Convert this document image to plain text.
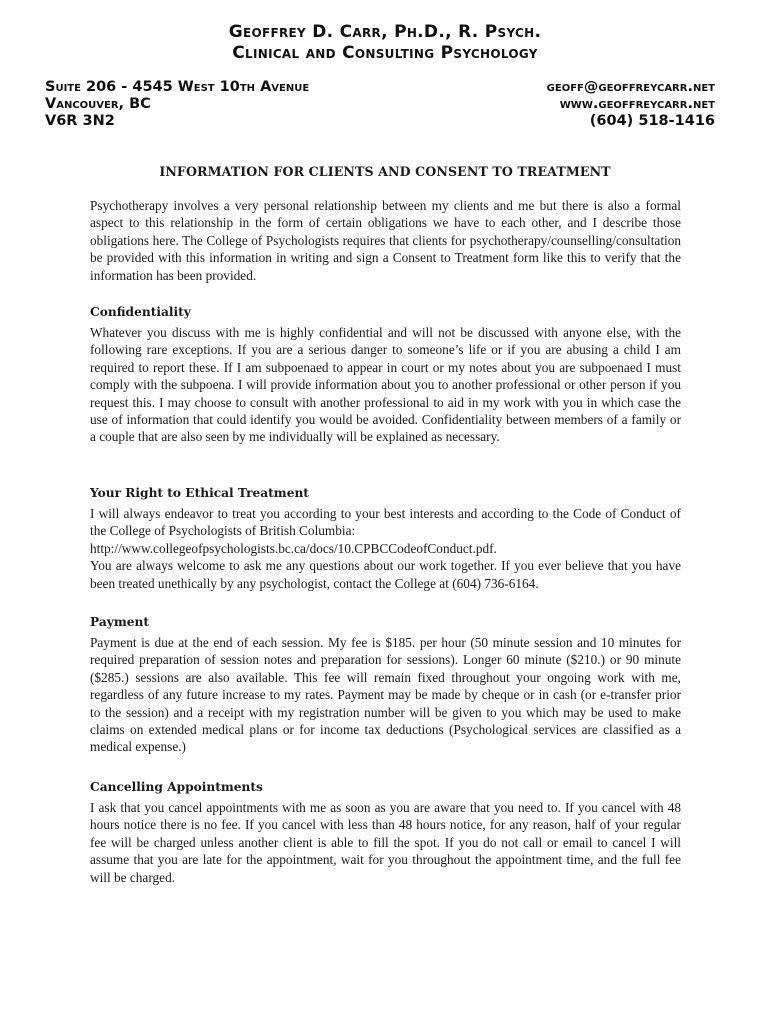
Geoffrey D. Carr, Ph.D., R. Psych.
Clinical and Consulting Psychology
Suite 206 - 4545 West 10th Avenue
Vancouver, BC
V6R 3N2
geoff@geoffreycarr.net
www.geoffreycarr.net
(604) 518-1416
INFORMATION FOR CLIENTS AND CONSENT TO TREATMENT

Psychotherapy involves a very personal relationship between my clients and me but there is also a formal aspect to this relationship in the form of certain obligations we have to each other, and I describe those obligations here. The College of Psychologists requires that clients for psychotherapy/counselling/consultation be provided with this information in writing and sign a Consent to Treatment form like this to verify that the information has been provided.

Confidentiality

Whatever you discuss with me is highly confidential and will not be discussed with anyone else, with the following rare exceptions. If you are a serious danger to someone’s life or if you are abusing a child I am required to report these. If I am subpoenaed to appear in court or my notes about you are subpoenaed I must comply with the subpoena. I will provide information about you to another professional or other person if you request this. I may choose to consult with another professional to aid in my work with you in which case the use of information that could identify you would be avoided. Confidentiality between members of a family or a couple that are also seen by me individually will be explained as necessary.

Your Right to Ethical Treatment

I will always endeavor to treat you according to your best interests and according to the Code of Conduct of the College of Psychologists of British Columbia:
http://www.collegeofpsychologists.bc.ca/docs/10.CPBCCodeofConduct.pdf.
You are always welcome to ask me any questions about our work together. If you ever believe that you have been treated unethically by any psychologist, contact the College at (604) 736-6164.

Payment

Payment is due at the end of each session. My fee is $185. per hour (50 minute session and 10 minutes for required preparation of session notes and preparation for sessions). Longer 60 minute ($210.) or 90 minute ($285.) sessions are also available. This fee will remain fixed throughout your ongoing work with me, regardless of any future increase to my rates. Payment may be made by cheque or in cash (or e-transfer prior to the session) and a receipt with my registration number will be given to you which may be used to make claims on extended medical plans or for income tax deductions (Psychological services are classified as a medical expense.)

Cancelling Appointments

I ask that you cancel appointments with me as soon as you are aware that you need to. If you cancel with 48 hours notice there is no fee. If you cancel with less than 48 hours notice, for any reason, half of your regular fee will be charged unless another client is able to fill the spot. If you do not call or email to cancel I will assume that you are late for the appointment, wait for you throughout the appointment time, and the full fee will be charged.
